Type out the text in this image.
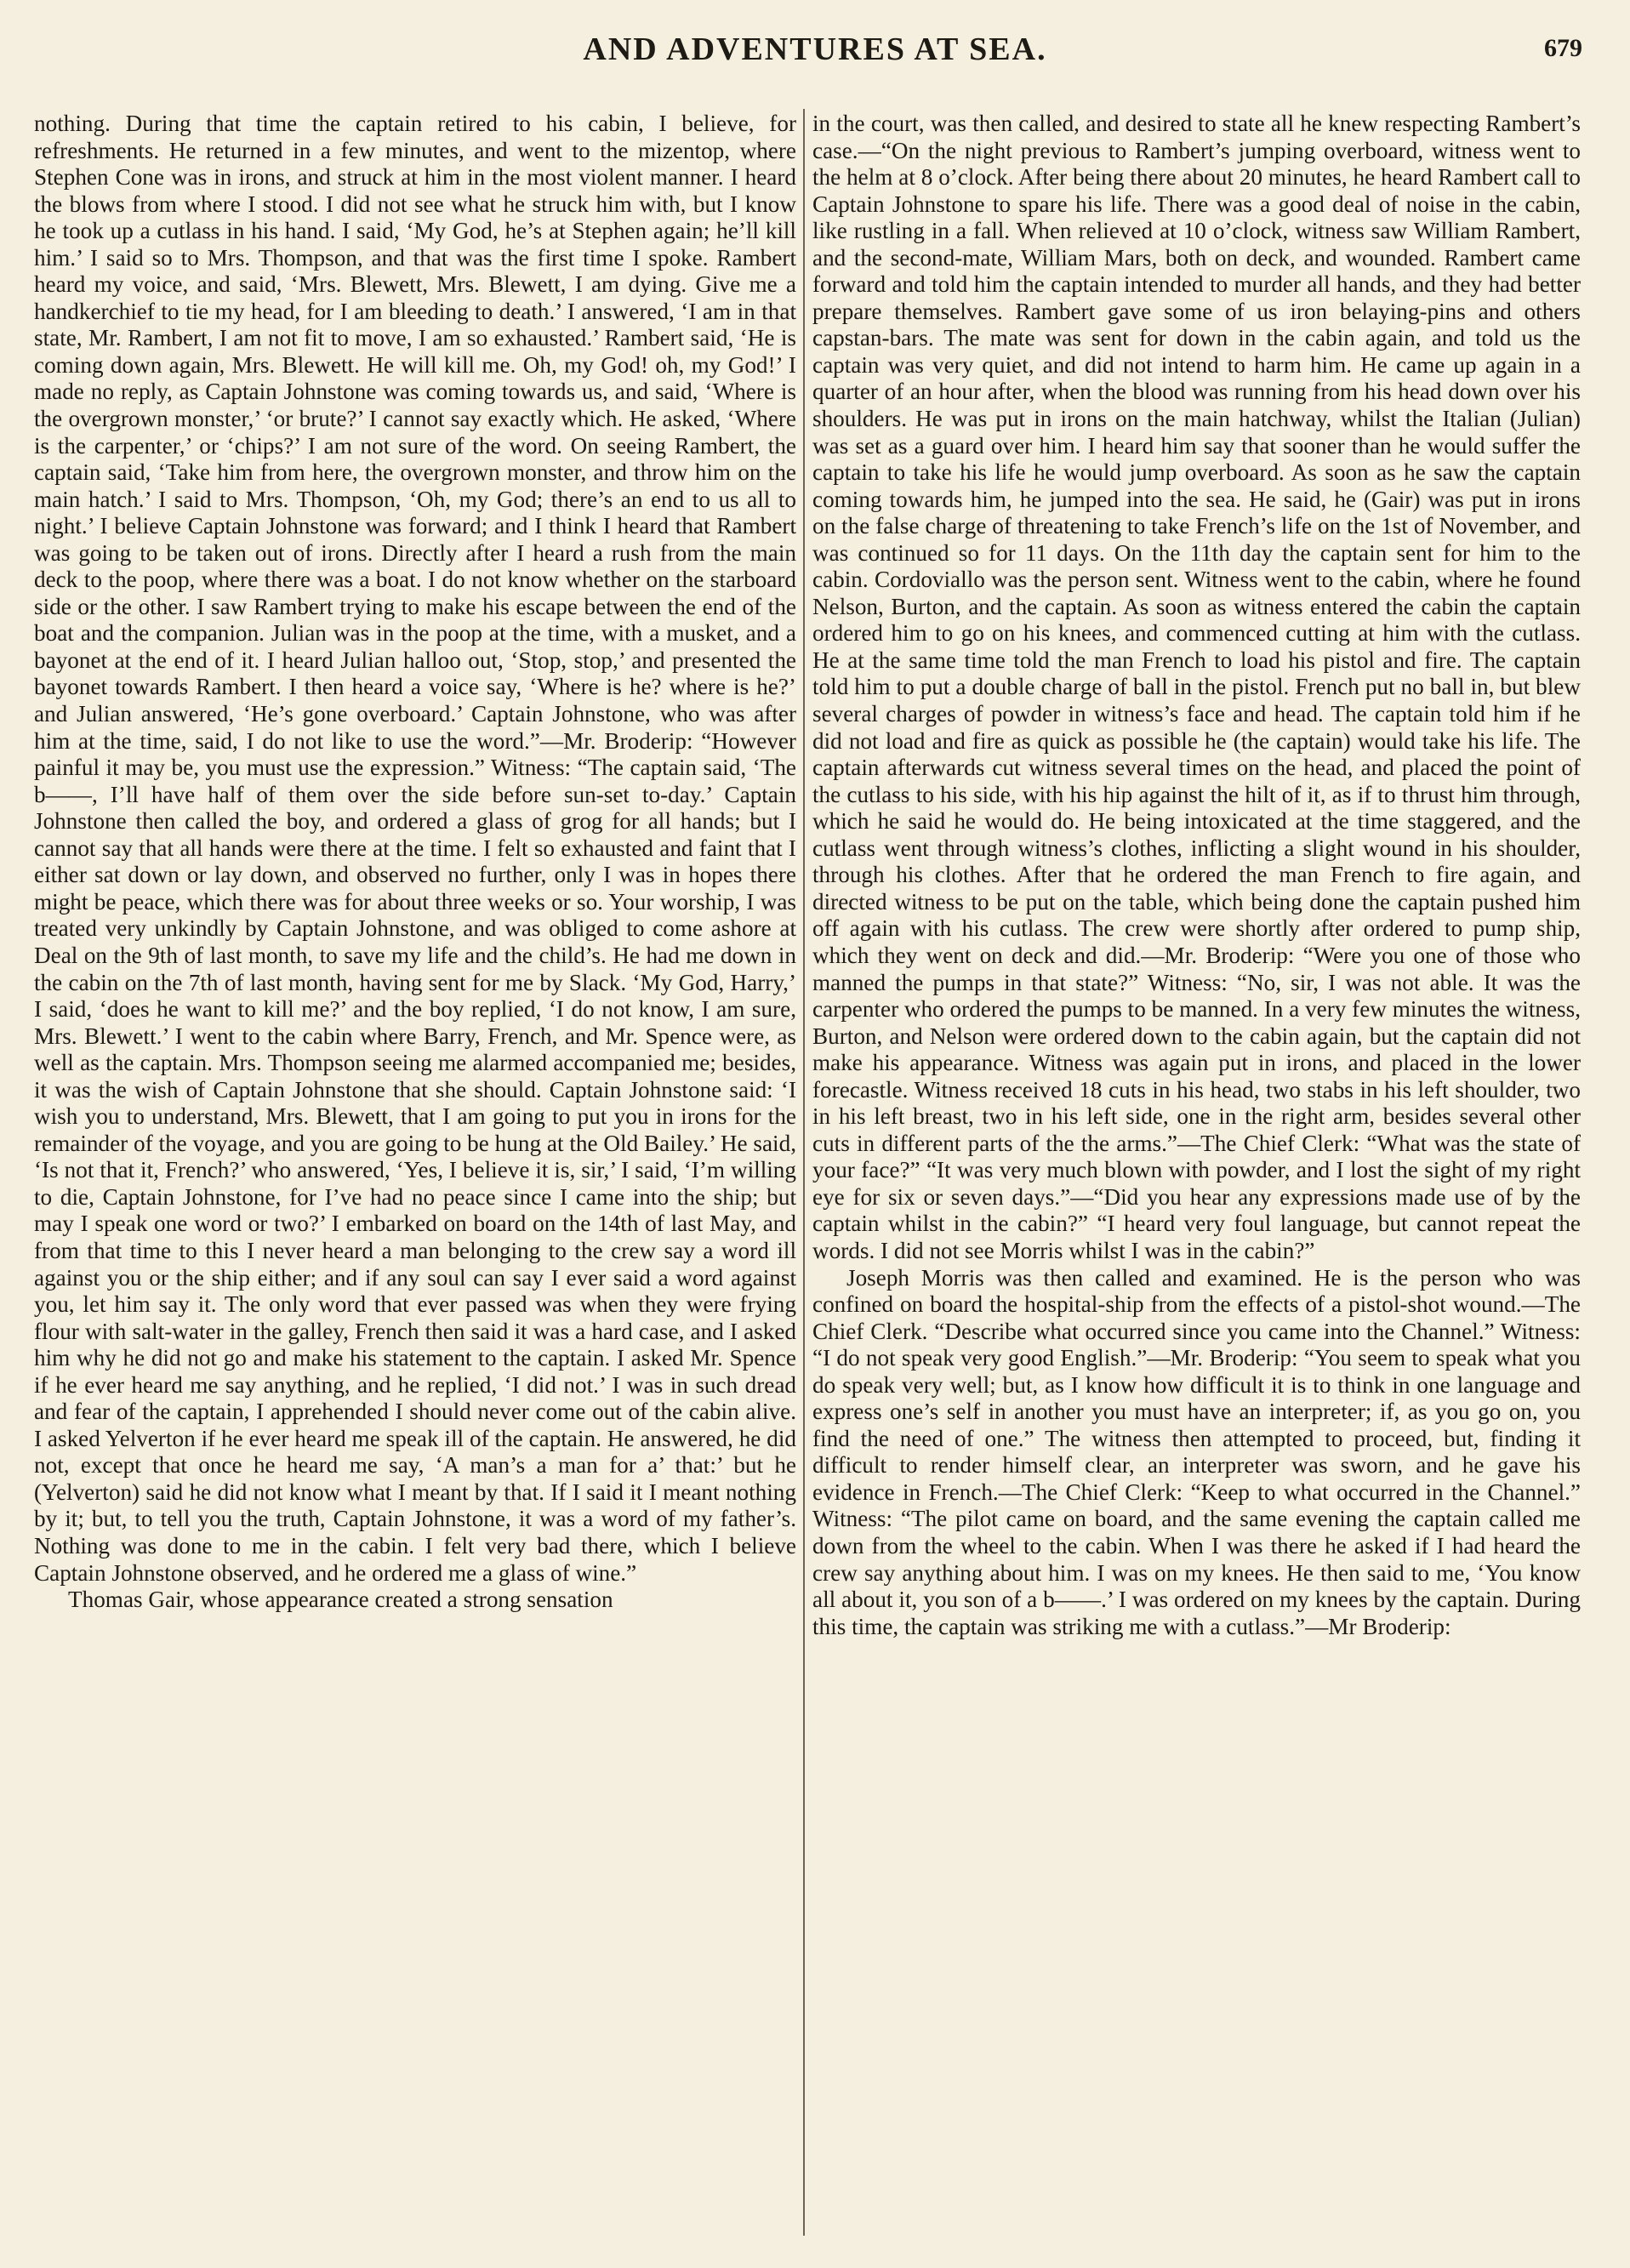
AND ADVENTURES AT SEA.	679

nothing. During that time the captain retired to his cabin, I believe, for refreshments. He returned in a few minutes, and went to the mizentop, where Stephen Cone was in irons, and struck at him in the most violent manner. I heard the blows from where I stood. I did not see what he struck him with, but I know he took up a cutlass in his hand. I said, ‘My God, he’s at Stephen again; he’ll kill him.’ I said so to Mrs. Thompson, and that was the first time I spoke. Rambert heard my voice, and said, ‘Mrs. Blewett, Mrs. Blewett, I am dying. Give me a handkerchief to tie my head, for I am bleeding to death.’ I answered, ‘I am in that state, Mr. Rambert, I am not fit to move, I am so exhausted.’ Rambert said, ‘He is coming down again, Mrs. Blewett. He will kill me. Oh, my God! oh, my God!’ I made no reply, as Captain Johnstone was coming towards us, and said, ‘Where is the overgrown monster,’ ‘or brute?’ I cannot say exactly which. He asked, ‘Where is the carpenter,’ or ‘chips?’ I am not sure of the word. On seeing Rambert, the captain said, ‘Take him from here, the overgrown monster, and throw him on the main hatch.’ I said to Mrs. Thompson, ‘Oh, my God; there’s an end to us all to night.’ I believe Captain Johnstone was forward; and I think I heard that Rambert was going to be taken out of irons. Directly after I heard a rush from the main deck to the poop, where there was a boat. I do not know whether on the starboard side or the other. I saw Rambert trying to make his escape between the end of the boat and the companion. Julian was in the poop at the time, with a musket, and a bayonet at the end of it. I heard Julian halloo out, ‘Stop, stop,’ and presented the bayonet towards Rambert. I then heard a voice say, ‘Where is he? where is he?’ and Julian answered, ‘He’s gone overboard.’ Captain Johnstone, who was after him at the time, said, I do not like to use the word.”—Mr. Broderip: “However painful it may be, you must use the expression.” Witness: “The captain said, ‘The b——, I’ll have half of them over the side before sun-set to-day.’ Captain Johnstone then called the boy, and ordered a glass of grog for all hands; but I cannot say that all hands were there at the time. I felt so exhausted and faint that I either sat down or lay down, and observed no further, only I was in hopes there might be peace, which there was for about three weeks or so. Your worship, I was treated very unkindly by Captain Johnstone, and was obliged to come ashore at Deal on the 9th of last month, to save my life and the child’s. He had me down in the cabin on the 7th of last month, having sent for me by Slack. ‘My God, Harry,’ I said, ‘does he want to kill me?’ and the boy replied, ‘I do not know, I am sure, Mrs. Blewett.’ I went to the cabin where Barry, French, and Mr. Spence were, as well as the captain. Mrs. Thompson seeing me alarmed accompanied me; besides, it was the wish of Captain Johnstone that she should. Captain Johnstone said: ‘I wish you to understand, Mrs. Blewett, that I am going to put you in irons for the remainder of the voyage, and you are going to be hung at the Old Bailey.’ He said, ‘Is not that it, French?’ who answered, ‘Yes, I believe it is, sir,’ I said, ‘I’m willing to die, Captain Johnstone, for I’ve had no peace since I came into the ship; but may I speak one word or two?’ I embarked on board on the 14th of last May, and from that time to this I never heard a man belonging to the crew say a word ill against you or the ship either; and if any soul can say I ever said a word against you, let him say it. The only word that ever passed was when they were frying flour with salt-water in the galley, French then said it was a hard case, and I asked him why he did not go and make his statement to the captain. I asked Mr. Spence if he ever heard me say anything, and he replied, ‘I did not.’ I was in such dread and fear of the captain, I apprehended I should never come out of the cabin alive. I asked Yelverton if he ever heard me speak ill of the captain. He answered, he did not, except that once he heard me say, ‘A man’s a man for a’ that:’ but he (Yelverton) said he did not know what I meant by that. If I said it I meant nothing by it; but, to tell you the truth, Captain Johnstone, it was a word of my father’s. Nothing was done to me in the cabin. I felt very bad there, which I believe Captain Johnstone observed, and he ordered me a glass of wine.”

Thomas Gair, whose appearance created a strong sensation

in the court, was then called, and desired to state all he knew respecting Rambert’s case.—“On the night previous to Rambert’s jumping overboard, witness went to the helm at 8 o’clock. After being there about 20 minutes, he heard Rambert call to Captain Johnstone to spare his life. There was a good deal of noise in the cabin, like rustling in a fall. When relieved at 10 o’clock, witness saw William Rambert, and the second-mate, William Mars, both on deck, and wounded. Rambert came forward and told him the captain intended to murder all hands, and they had better prepare themselves. Rambert gave some of us iron belaying-pins and others capstan-bars. The mate was sent for down in the cabin again, and told us the captain was very quiet, and did not intend to harm him. He came up again in a quarter of an hour after, when the blood was running from his head down over his shoulders. He was put in irons on the main hatchway, whilst the Italian (Julian) was set as a guard over him. I heard him say that sooner than he would suffer the captain to take his life he would jump overboard. As soon as he saw the captain coming towards him, he jumped into the sea. He said, he (Gair) was put in irons on the false charge of threatening to take French’s life on the 1st of November, and was continued so for 11 days. On the 11th day the captain sent for him to the cabin. Cordoviallo was the person sent. Witness went to the cabin, where he found Nelson, Burton, and the captain. As soon as witness entered the cabin the captain ordered him to go on his knees, and commenced cutting at him with the cutlass. He at the same time told the man French to load his pistol and fire. The captain told him to put a double charge of ball in the pistol. French put no ball in, but blew several charges of powder in witness’s face and head. The captain told him if he did not load and fire as quick as possible he (the captain) would take his life. The captain afterwards cut witness several times on the head, and placed the point of the cutlass to his side, with his hip against the hilt of it, as if to thrust him through, which he said he would do. He being intoxicated at the time staggered, and the cutlass went through witness’s clothes, inflicting a slight wound in his shoulder, through his clothes. After that he ordered the man French to fire again, and directed witness to be put on the table, which being done the captain pushed him off again with his cutlass. The crew were shortly after ordered to pump ship, which they went on deck and did.—Mr. Broderip: “Were you one of those who manned the pumps in that state?” Witness: “No, sir, I was not able. It was the carpenter who ordered the pumps to be manned. In a very few minutes the witness, Burton, and Nelson were ordered down to the cabin again, but the captain did not make his appearance. Witness was again put in irons, and placed in the lower forecastle. Witness received 18 cuts in his head, two stabs in his left shoulder, two in his left breast, two in his left side, one in the right arm, besides several other cuts in different parts of the the arms.”—The Chief Clerk: “What was the state of your face?” “It was very much blown with powder, and I lost the sight of my right eye for six or seven days.”—“Did you hear any expressions made use of by the captain whilst in the cabin?” “I heard very foul language, but cannot repeat the words. I did not see Morris whilst I was in the cabin?”

Joseph Morris was then called and examined. He is the person who was confined on board the hospital-ship from the effects of a pistol-shot wound.—The Chief Clerk. “Describe what occurred since you came into the Channel.” Witness: “I do not speak very good English.”—Mr. Broderip: “You seem to speak what you do speak very well; but, as I know how difficult it is to think in one language and express one’s self in another you must have an interpreter; if, as you go on, you find the need of one.” The witness then attempted to proceed, but, finding it difficult to render himself clear, an interpreter was sworn, and he gave his evidence in French.—The Chief Clerk: “Keep to what occurred in the Channel.” Witness: “The pilot came on board, and the same evening the captain called me down from the wheel to the cabin. When I was there he asked if I had heard the crew say anything about him. I was on my knees. He then said to me, ‘You know all about it, you son of a b——.’ I was ordered on my knees by the captain. During this time, the captain was striking me with a cutlass.”—Mr Broderip:
